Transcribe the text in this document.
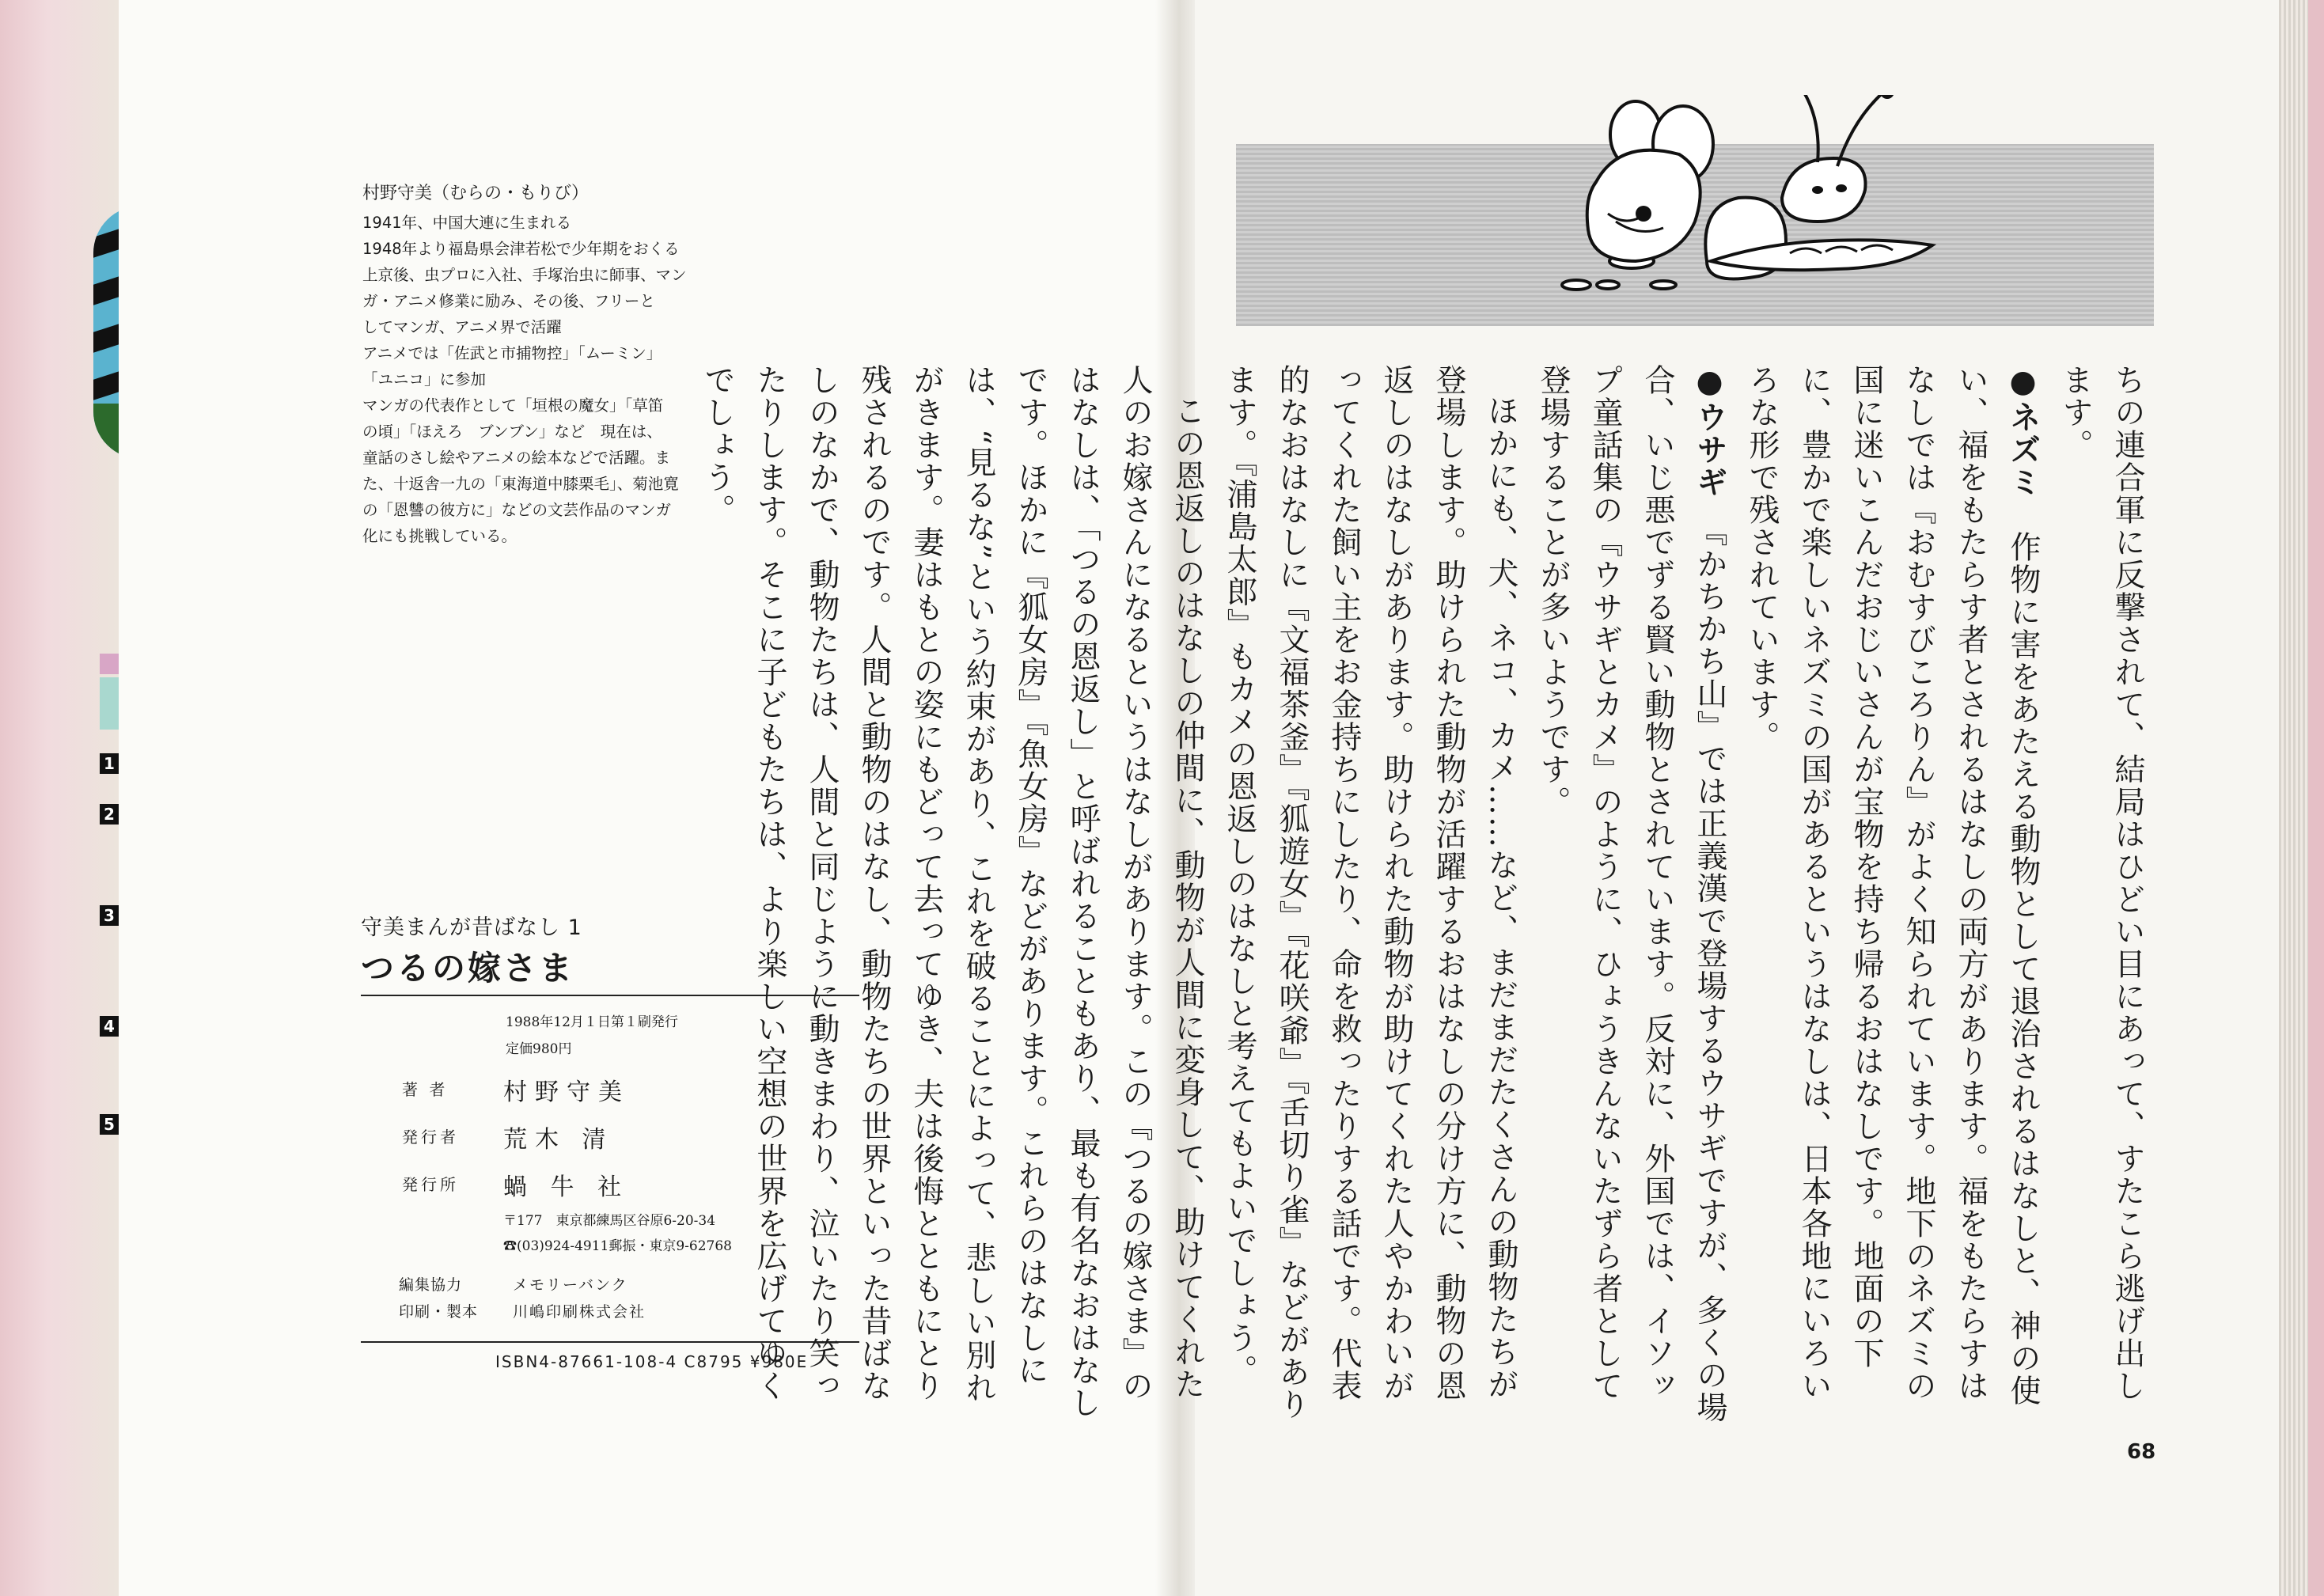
1
2
3
4
5
村野守美（むらの・もりび）
1941年、中国大連に生まれる
1948年より福島県会津若松で少年期をおくる
上京後、虫プロに入社、手塚治虫に師事、マン
ガ・アニメ修業に励み、その後、フリーと
してマンガ、アニメ界で活躍
アニメでは「佐武と市捕物控」「ムーミン」
「ユニコ」に参加
マンガの代表作として「垣根の魔女」「草笛
の頃」「ほえろ　ブンブン」など　現在は、
童話のさし絵やアニメの絵本などで活躍。ま
た、十返舎一九の「東海道中膝栗毛」、菊池寛
の「恩讐の彼方に」などの文芸作品のマンガ
化にも挑戦している。
守美まんが昔ばなし 1
つるの嫁さま
1988年12月１日第１刷発行
定価980円
著 者 村野守美
発行者 荒木 清
発行所 蝸 牛 社
〒177　東京都練馬区谷原6-20-34
☎(03)924-4911郵振・東京9-62768
編集協力	メモリーバンク
印刷・製本 川嶋印刷株式会社
ISBN4-87661-108-4 C8795 ¥980E	ちの連合軍に反撃されて、結局はひどい目にあって、すたこら逃げ出します。

●ネズミ　作物に害をあたえる動物として退治されるはなしと、神の使い、福をもたらす者とされるはなしの両方があります。福をもたらすはなしでは『おむすびころりん』がよく知られています。地下のネズミの国に迷いこんだおじいさんが宝物を持ち帰るおはなしです。地面の下に、豊かで楽しいネズミの国があるというはなしは、日本各地にいろいろな形で残されています。

●ウサギ　『かちかち山』では正義漢で登場するウサギですが、多くの場合、いじ悪でずる賢い動物とされています。反対に、外国では、イソップ童話集の『ウサギとカメ』のように、ひょうきんないたずら者として登場することが多いようです。

ほかにも、犬、ネコ、カメ……など、まだまだたくさんの動物たちが登場します。助けられた動物が活躍するおはなしの分け方に、動物の恩返しのはなしがあります。助けられた動物が助けてくれた人やかわいがってくれた飼い主をお金持ちにしたり、命を救ったりする話です。代表的なおはなしに『文福茶釜』『狐遊女』『花咲爺』『舌切り雀』などがあります。『浦島太郎』もカメの恩返しのはなしと考えてもよいでしょう。

この恩返しのはなしの仲間に、動物が人間に変身して、助けてくれた人のお嫁さんになるというはなしがあります。この『つるの嫁さま』のはなしは、「つるの恩返し」と呼ばれることもあり、最も有名なおはなしです。ほかに『狐女房』『魚女房』などがあります。これらのはなしには、“見るな”という約束があり、これを破ることによって、悲しい別れがきます。妻はもとの姿にもどって去ってゆき、夫は後悔とともにとり残されるのです。人間と動物のはなし、動物たちの世界といった昔ばなしのなかで、動物たちは、人間と同じように動きまわり、泣いたり笑ったりします。そこに子どもたちは、より楽しい空想の世界を広げてゆくでしょう。

68
